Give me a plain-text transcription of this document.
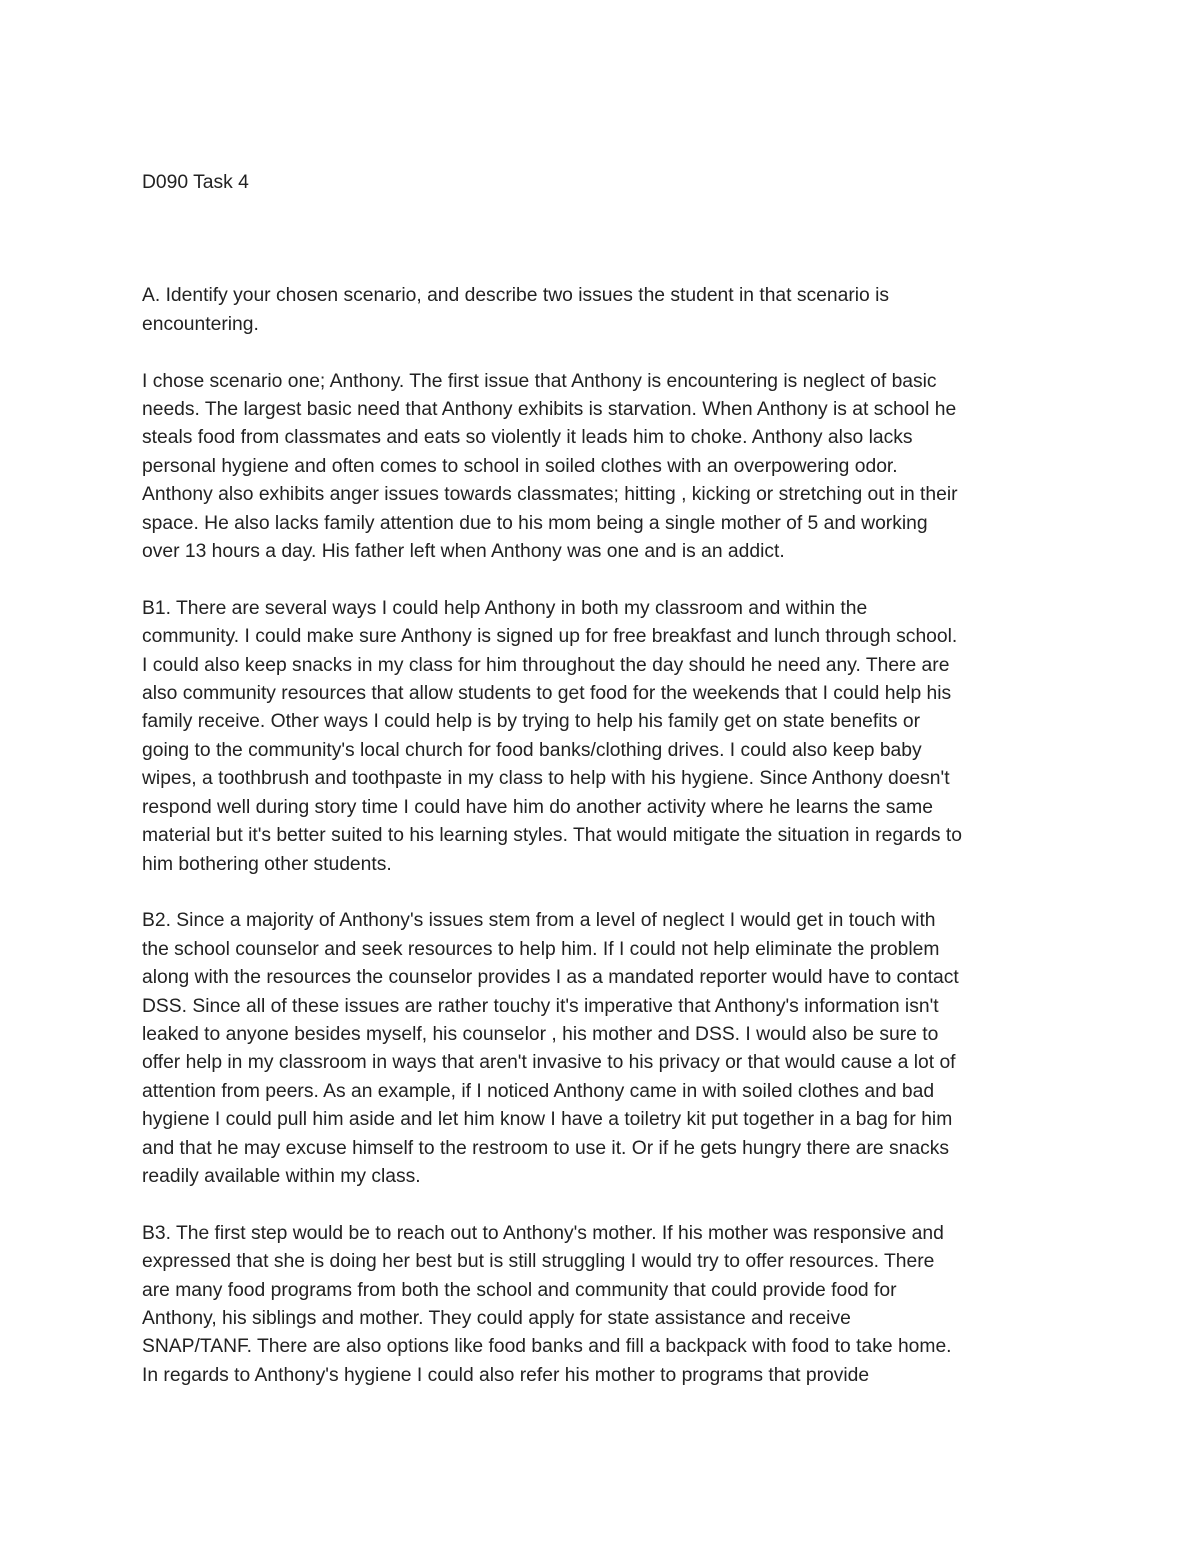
D090 Task 4

A. Identify your chosen scenario, and describe two issues the student in that scenario is
encountering.

I chose scenario one; Anthony. The first issue that Anthony is encountering is neglect of basic
needs. The largest basic need that Anthony exhibits is starvation. When Anthony is at school he
steals food from classmates and eats so violently it leads him to choke. Anthony also lacks
personal hygiene and often comes to school in soiled clothes with an overpowering odor.
Anthony also exhibits anger issues towards classmates; hitting , kicking or stretching out in their
space. He also lacks family attention due to his mom being a single mother of 5 and working
over 13 hours a day. His father left when Anthony was one and is an addict.

B1. There are several ways I could help Anthony in both my classroom and within the
community. I could make sure Anthony is signed up for free breakfast and lunch through school.
I could also keep snacks in my class for him throughout the day should he need any. There are
also community resources that allow students to get food for the weekends that I could help his
family receive. Other ways I could help is by trying to help his family get on state benefits or
going to the community's local church for food banks/clothing drives. I could also keep baby
wipes, a toothbrush and toothpaste in my class to help with his hygiene. Since Anthony doesn't
respond well during story time I could have him do another activity where he learns the same
material but it's better suited to his learning styles. That would mitigate the situation in regards to
him bothering other students.

B2. Since a majority of Anthony's issues stem from a level of neglect I would get in touch with
the school counselor and seek resources to help him. If I could not help eliminate the problem
along with the resources the counselor provides I as a mandated reporter would have to contact
DSS. Since all of these issues are rather touchy it's imperative that Anthony's information isn't
leaked to anyone besides myself, his counselor , his mother and DSS. I would also be sure to
offer help in my classroom in ways that aren't invasive to his privacy or that would cause a lot of
attention from peers. As an example, if I noticed Anthony came in with soiled clothes and bad
hygiene I could pull him aside and let him know I have a toiletry kit put together in a bag for him
and that he may excuse himself to the restroom to use it. Or if he gets hungry there are snacks
readily available within my class.

B3. The first step would be to reach out to Anthony's mother. If his mother was responsive and
expressed that she is doing her best but is still struggling I would try to offer resources. There
are many food programs from both the school and community that could provide food for
Anthony, his siblings and mother. They could apply for state assistance and receive
SNAP/TANF. There are also options like food banks and fill a backpack with food to take home.
In regards to Anthony's hygiene I could also refer his mother to programs that provide
